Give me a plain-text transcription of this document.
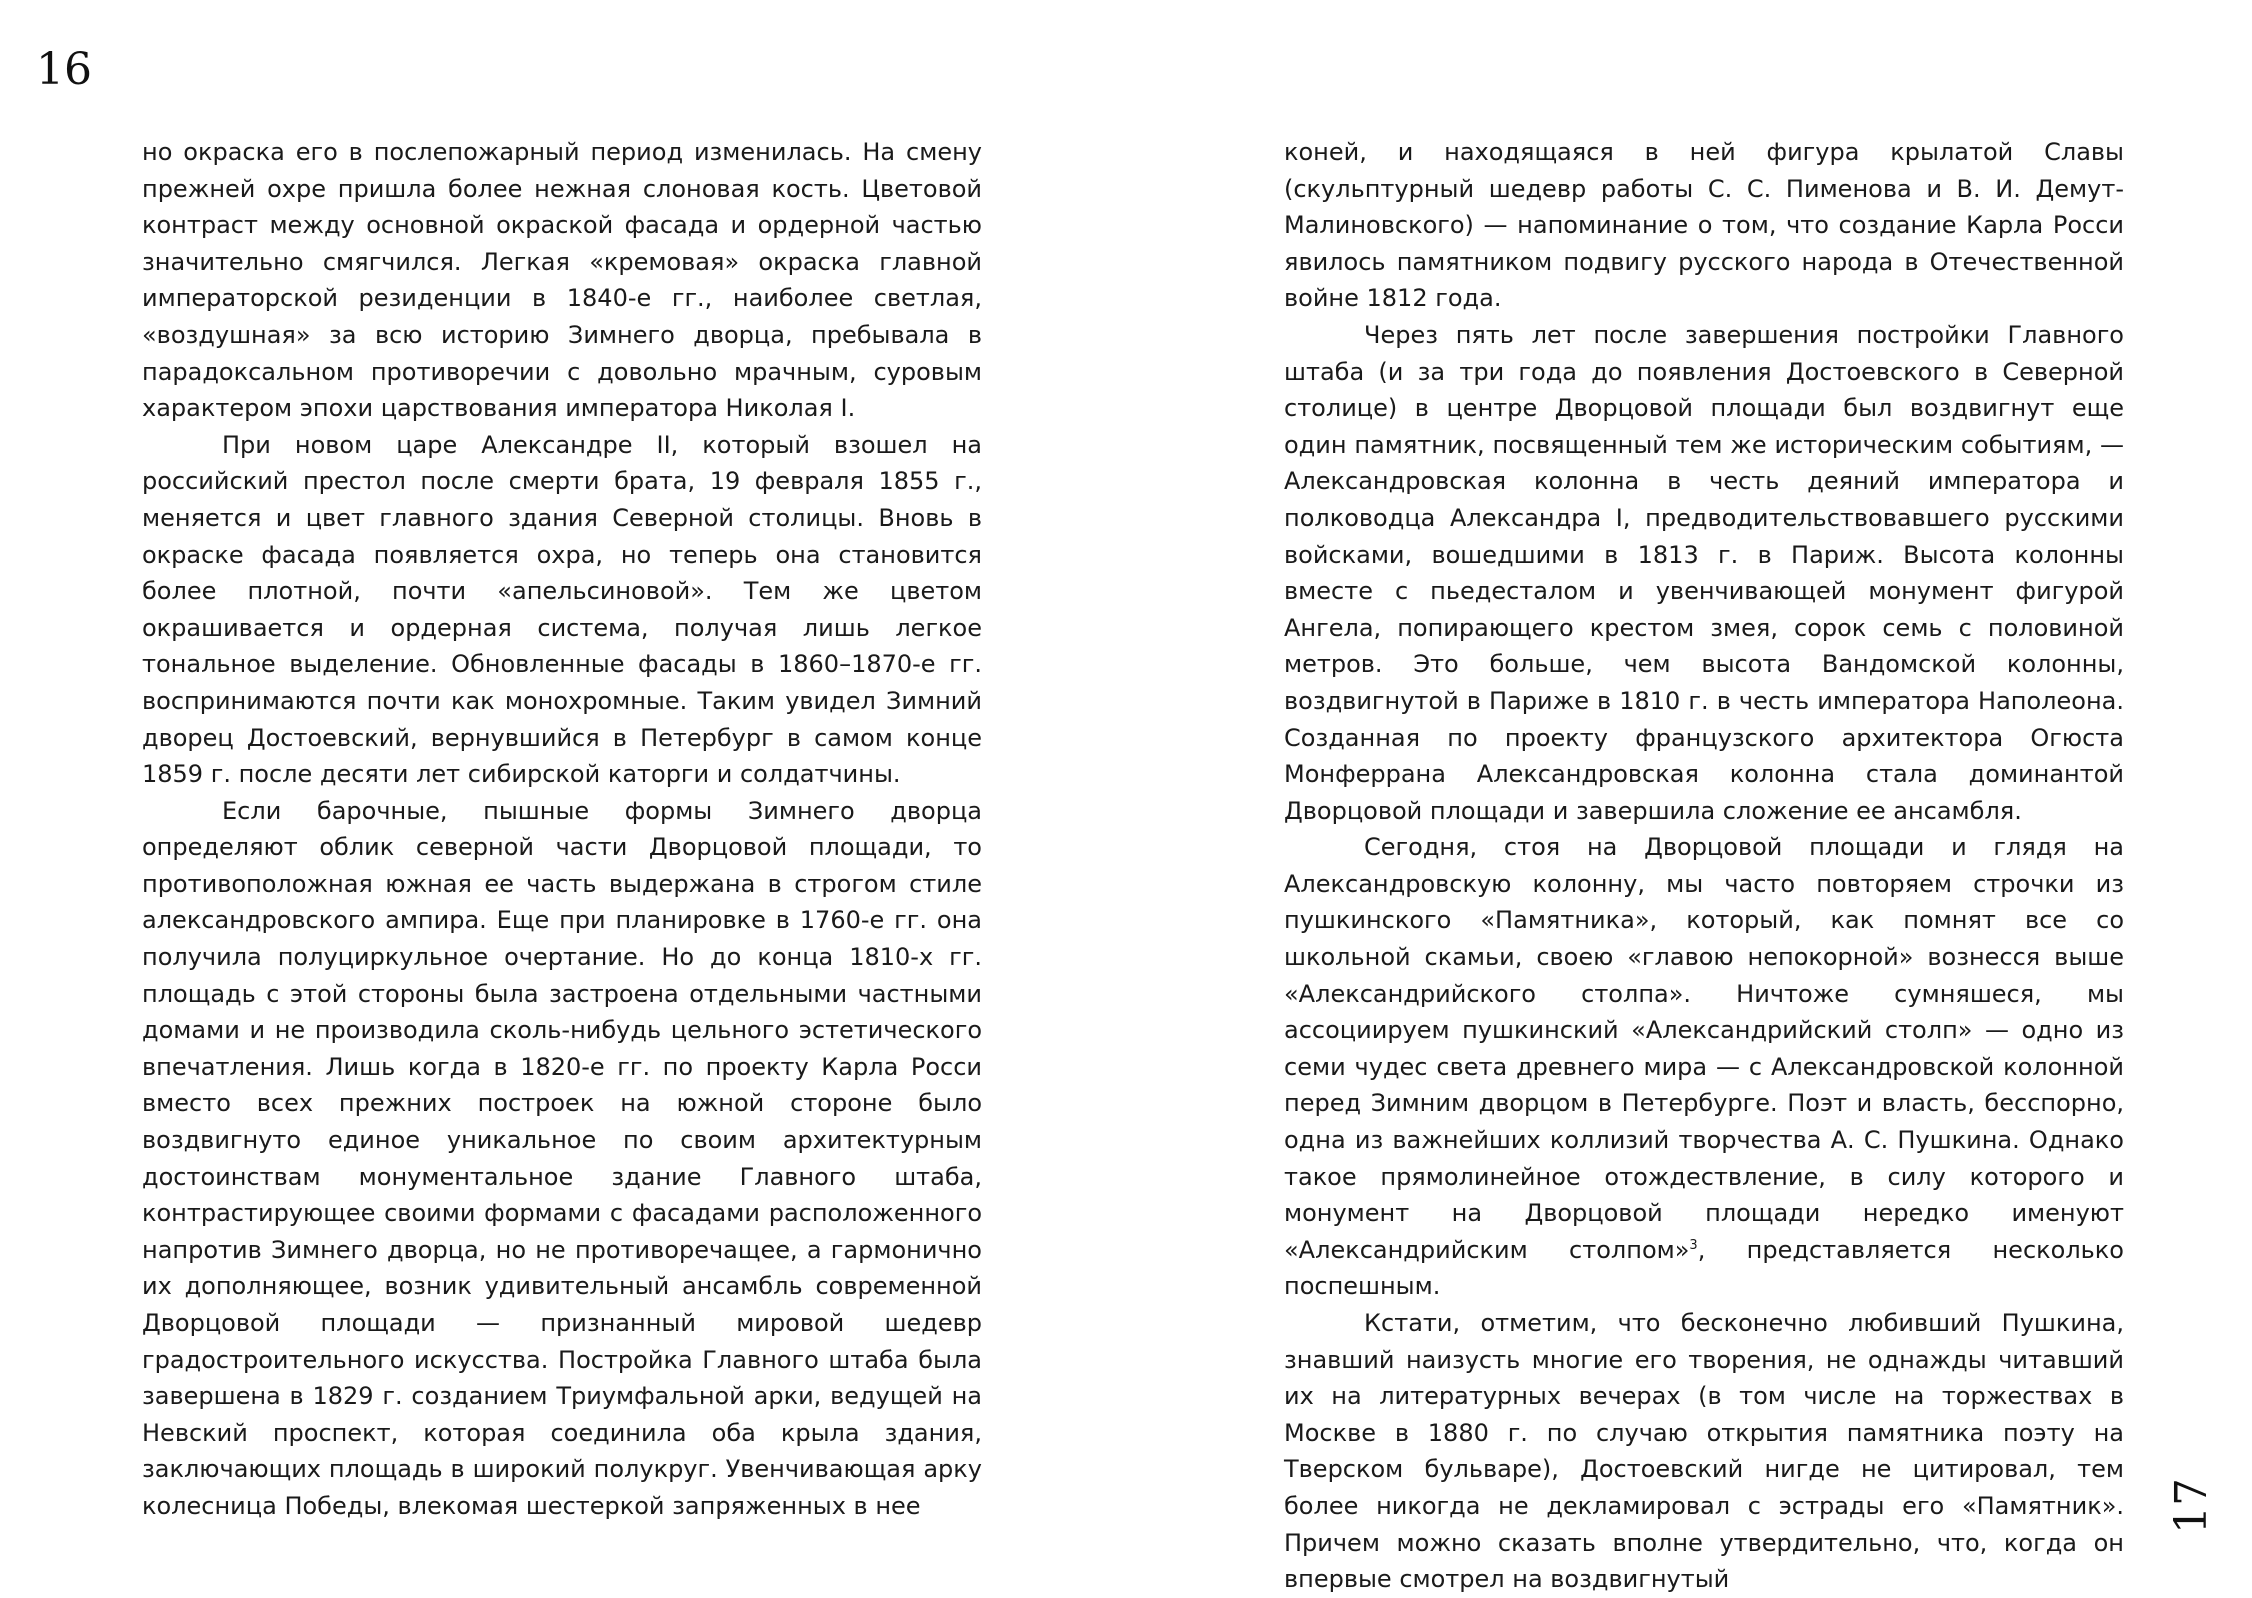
16

но окраска его в послепожарный период изменилась. На смену прежней охре пришла более нежная слоновая кость. Цветовой контраст между основной окраской фасада и ордерной частью значительно смягчился. Легкая «кремовая» окраска главной императорской резиденции в 1840-е гг., наиболее светлая, «воздушная» за всю историю Зимнего дворца, пребывала в парадоксальном противоречии с довольно мрачным, суровым характером эпохи царствования императора Николая I.

При новом царе Александре II, который взошел на российский престол после смерти брата, 19 февраля 1855 г., меняется и цвет главного здания Северной столицы. Вновь в окраске фасада появляется охра, но теперь она становится более плотной, почти «апельсиновой». Тем же цветом окрашивается и ордерная система, получая лишь легкое тональное выделение. Обновленные фасады в 1860–1870-е гг. воспринимаются почти как монохромные. Таким увидел Зимний дворец Достоевский, вернувшийся в Петербург в самом конце 1859 г. после десяти лет сибирской каторги и солдатчины.

Если барочные, пышные формы Зимнего дворца определяют облик северной части Дворцовой площади, то противоположная южная ее часть выдержана в строгом стиле александровского ампира. Еще при планировке в 1760-е гг. она получила полуциркульное очертание. Но до конца 1810-х гг. площадь с этой стороны была застроена отдельными частными домами и не производила сколь-нибудь цельного эстетического впечатления. Лишь когда в 1820-е гг. по проекту Карла Росси вместо всех прежних построек на южной стороне было воздвигнуто единое уникальное по своим архитектурным достоинствам монументальное здание Главного штаба, контрастирующее своими формами с фасадами расположенного напротив Зимнего дворца, но не противоречащее, а гармонично их дополняющее, возник удивительный ансамбль современной Дворцовой площади — признанный мировой шедевр градостроительного искусства. Постройка Главного штаба была завершена в 1829 г. созданием Триумфальной арки, ведущей на Невский проспект, которая соединила оба крыла здания, заключающих площадь в широкий полукруг. Увенчивающая арку колесница Победы, влекомая шестеркой запряженных в нее

коней, и находящаяся в ней фигура крылатой Славы (скульптурный шедевр работы С. С. Пименова и В. И. Демут-Малиновского) — напоминание о том, что создание Карла Росси явилось памятником подвигу русского народа в Отечественной войне 1812 года.

Через пять лет после завершения постройки Главного штаба (и за три года до появления Достоевского в Северной столице) в центре Дворцовой площади был воздвигнут еще один памятник, посвященный тем же историческим событиям, — Александровская колонна в честь деяний императора и полководца Александра I, предводительствовавшего русскими войсками, вошедшими в 1813 г. в Париж. Высота колонны вместе с пьедесталом и увенчивающей монумент фигурой Ангела, попирающего крестом змея, сорок семь с половиной метров. Это больше, чем высота Вандомской колонны, воздвигнутой в Париже в 1810 г. в честь императора Наполеона. Созданная по проекту французского архитектора Огюста Монферрана Александровская колонна стала доминантой Дворцовой площади и завершила сложение ее ансамбля.

Сегодня, стоя на Дворцовой площади и глядя на Александровскую колонну, мы часто повторяем строчки из пушкинского «Памятника», который, как помнят все со школьной скамьи, своею «главою непокорной» вознесся выше «Александрийского столпа». Ничтоже сумняшеся, мы ассоциируем пушкинский «Александрийский столп» — одно из семи чудес света древнего мира — с Александровской колонной перед Зимним дворцом в Петербурге. Поэт и власть, бесспорно, одна из важнейших коллизий творчества А. С. Пушкина. Однако такое прямолинейное отождествление, в силу которого и монумент на Дворцовой площади нередко именуют «Александрийским столпом»$^3$, представляется несколько поспешным.

Кстати, отметим, что бесконечно любивший Пушкина, знавший наизусть многие его творения, не однажды читавший их на литературных вечерах (в том числе на торжествах в Москве в 1880 г. по случаю открытия памятника поэту на Тверском бульваре), Достоевский нигде не цитировал, тем более никогда не декламировал с эстрады его «Памятник». Причем можно сказать вполне утвердительно, что, когда он впервые смотрел на воздвигнутый

17
